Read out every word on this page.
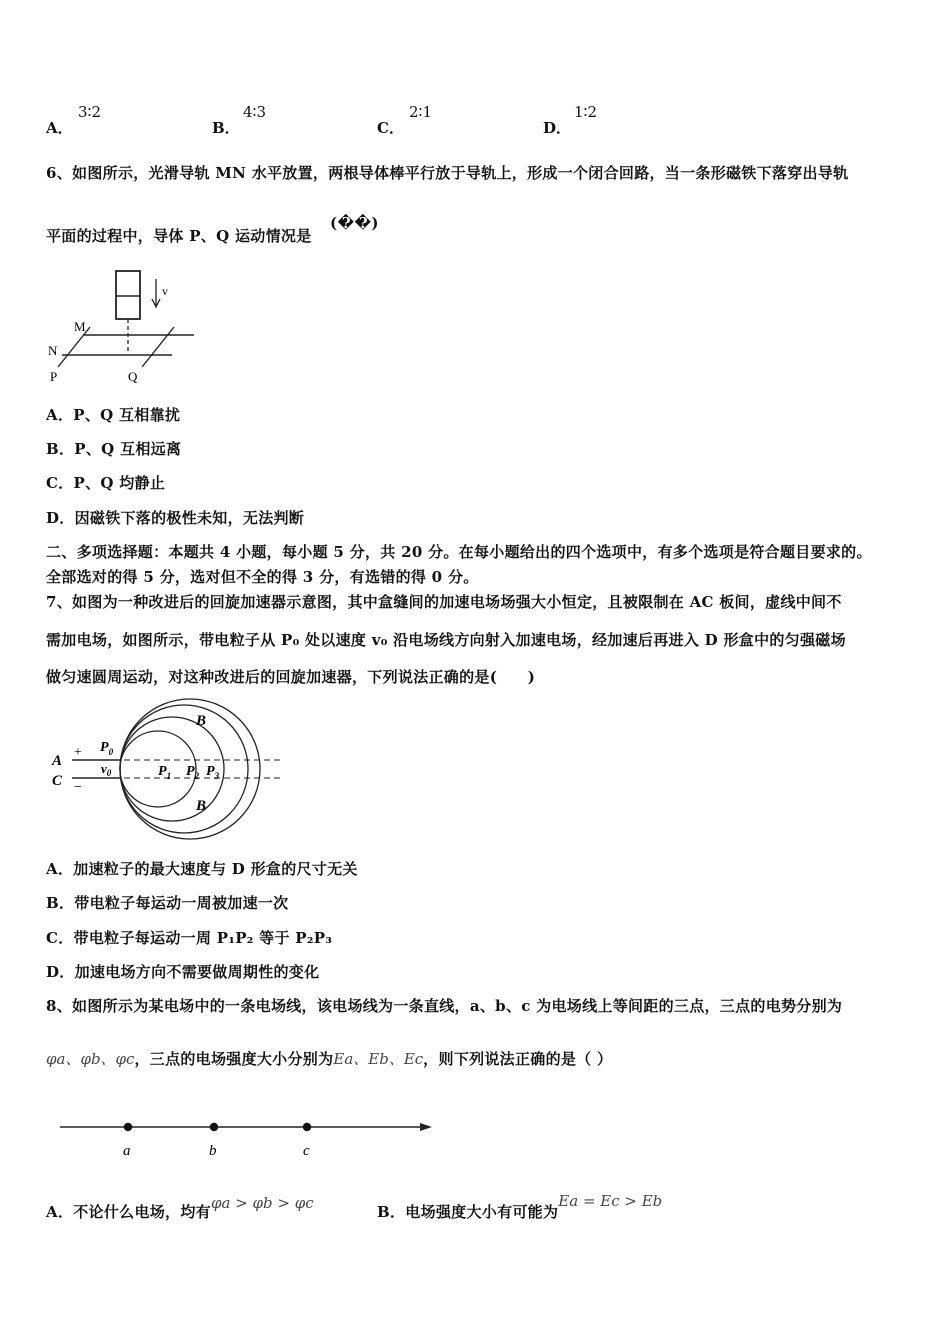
A．
3∶2
B．
4∶3
C．
2∶1
D．
1∶2
6、如图所示，光滑导轨 MN 水平放置，两根导体棒平行放于导轨上，形成一个闭合回路，当一条形磁铁下落穿出导轨
平面的过程中，导体 P、Q 运动情况是
(��)
v
M
N
P	Q
A．P、Q 互相靠扰
B．P、Q 互相远离
C．P、Q 均静止
D．因磁铁下落的极性未知，无法判断
二、多项选择题：本题共 4 小题，每小题 5 分，共 20 分。在每小题给出的四个选项中，有多个选项是符合题目要求的。
全部选对的得 5 分，选对但不全的得 3 分，有选错的得 0 分。
7、如图为一种改进后的回旋加速器示意图，其中盒缝间的加速电场场强大小恒定，且被限制在 AC 板间，虚线中间不
需加电场，如图所示，带电粒子从 P₀ 处以速度 v₀ 沿电场线方向射入加速电场，经加速后再进入 D 形盒中的匀强磁场
做匀速圆周运动，对这种改进后的回旋加速器，下列说法正确的是(　　)
A
C
+
−
$P_0$
$v_0$	$P_1$ $P_2$ $P_3$
B
B
A．加速粒子的最大速度与 D 形盒的尺寸无关
B．带电粒子每运动一周被加速一次
C．带电粒子每运动一周 P₁P₂ 等于 P₂P₃
D．加速电场方向不需要做周期性的变化
8、如图所示为某电场中的一条电场线，该电场线为一条直线，a、b、c 为电场线上等间距的三点，三点的电势分别为
φa、φb、φc，三点的电场强度大小分别为Ea、Eb、Ec，则下列说法正确的是（ ）
a	b	c
A．不论什么电场，均有φa > φb > φc	B．电场强度大小有可能为Ea = Ec > Eb
